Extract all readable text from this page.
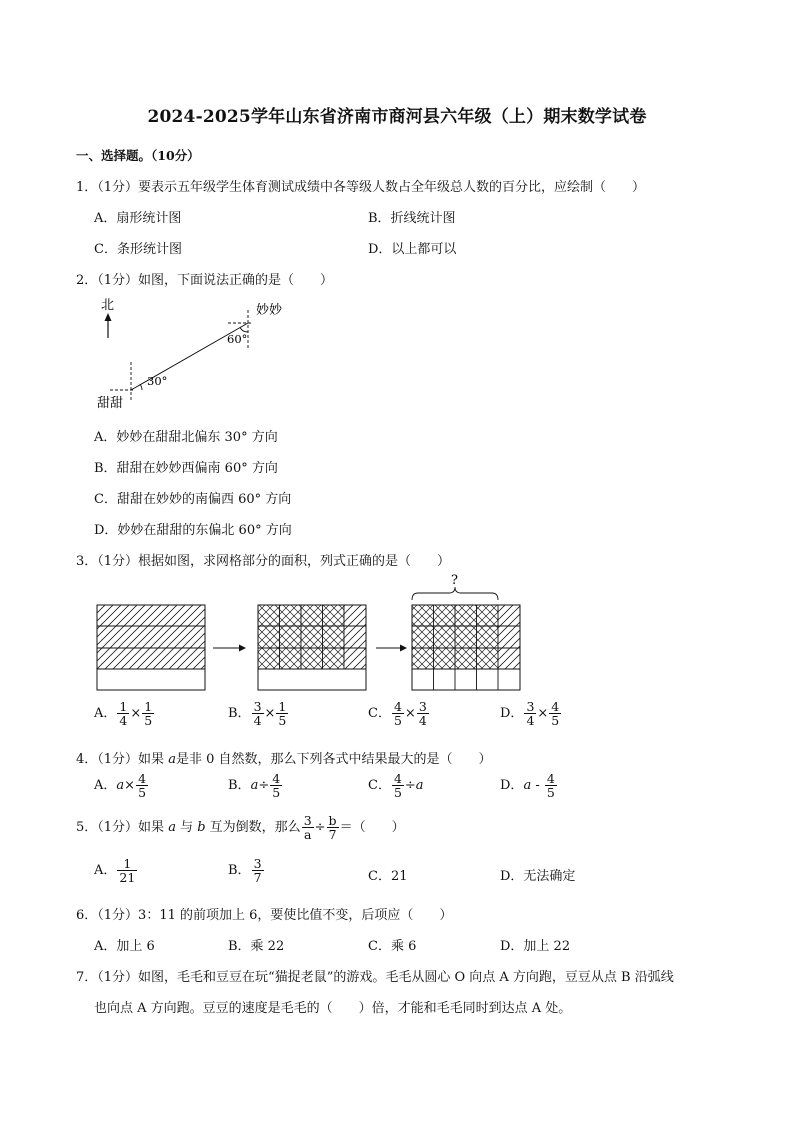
2024-2025学年山东省济南市商河县六年级（上）期末数学试卷
一、选择题。（10分）
1．（1分）要表示五年级学生体育测试成绩中各等级人数占全年级总人数的百分比，应绘制（　　）
A．扇形统计图	B．折线统计图
C．条形统计图	D．以上都可以
2．（1分）如图，下面说法正确的是（　　）
北
30°
60°
甜甜
妙妙
A．妙妙在甜甜北偏东 30° 方向
B．甜甜在妙妙西偏南 60° 方向
C．甜甜在妙妙的南偏西 60° 方向
D．妙妙在甜甜的东偏北 60° 方向
3．（1分）根据如图，求网格部分的面积，列式正确的是（　　）
?
A． $\frac{1}{4} \times \frac{1}{5}$	B． $\frac{3}{4} \times \frac{1}{5}$	C． $\frac{4}{5} \times \frac{3}{4}$	D． $\frac{3}{4} \times \frac{4}{5}$
4．（1分）如果 a是非 0 自然数，那么下列各式中结果最大的是（　　）
A．$a\times \frac{4}{5}$	B．$a\div \frac{4}{5}$	C． $\frac{4}{5} \div a$	D．a - $\frac{4}{5}$
5．（1分）如果 a 与 b 互为倒数，那么 $\frac{3}{a} \div \frac{b}{7}$ ＝（　　）
A． $\frac{1}{21}$	B． $\frac{3}{7}$	C．21	D．无法确定
6．（1分）3：11 的前项加上 6，要使比值不变，后项应（　　）
A．加上 6	B．乘 22	C．乘 6	D．加上 22
7．（1分）如图，毛毛和豆豆在玩“猫捉老鼠”的游戏。毛毛从圆心 O 向点 A 方向跑，豆豆从点 B 沿弧线
也向点 A 方向跑。豆豆的速度是毛毛的（　　）倍，才能和毛毛同时到达点 A 处。
